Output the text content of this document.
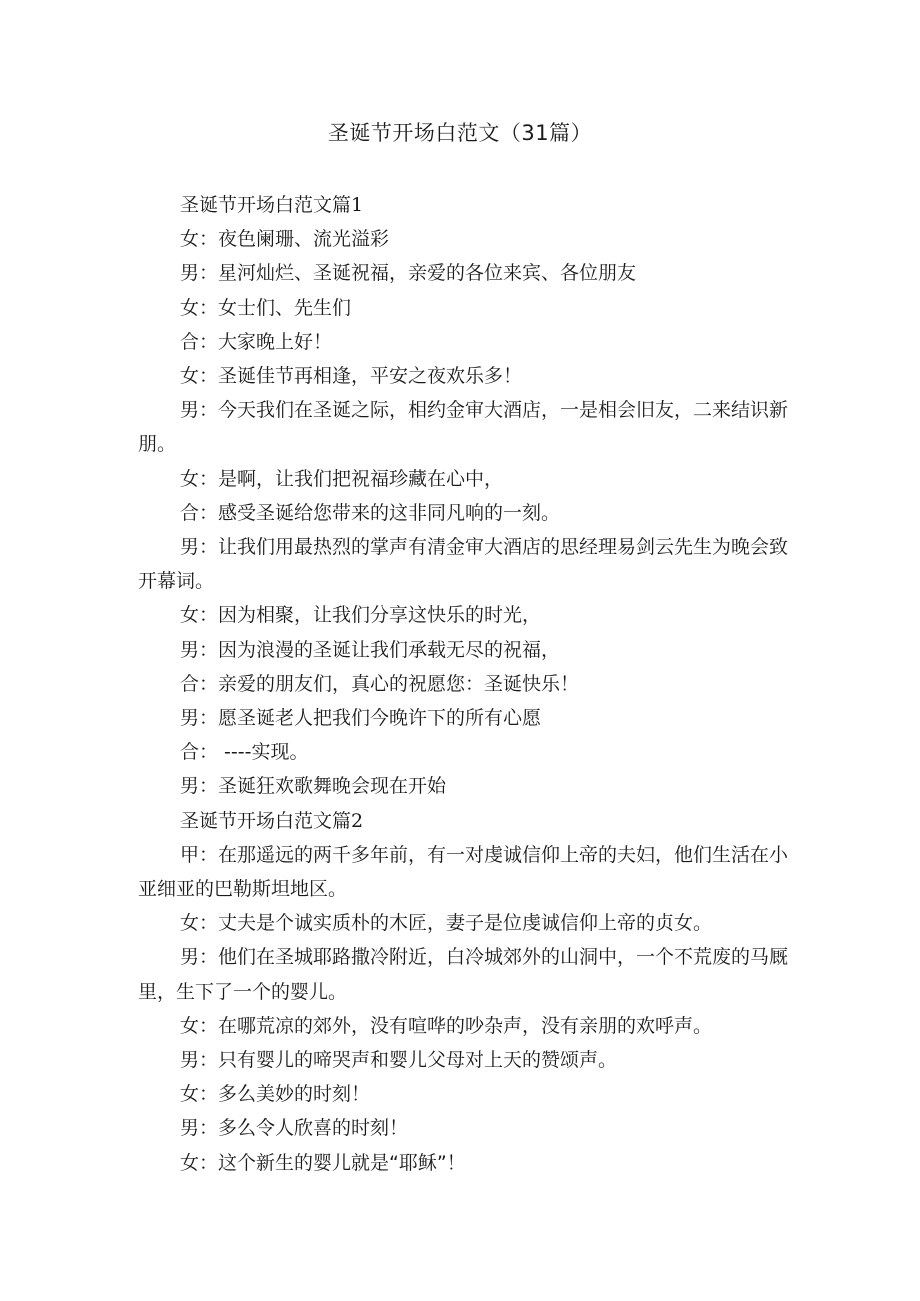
圣诞节开场白范文（31篇）

圣诞节开场白范文篇1

女：夜色阑珊、流光溢彩

男：星河灿烂、圣诞祝福，亲爱的各位来宾、各位朋友

女：女士们、先生们

合：大家晚上好！

女：圣诞佳节再相逢，平安之夜欢乐多！

男：今天我们在圣诞之际，相约金审大酒店，一是相会旧友，二来结识新朋。

女：是啊，让我们把祝福珍藏在心中，

合：感受圣诞给您带来的这非同凡响的一刻。

男：让我们用最热烈的掌声有清金审大酒店的思经理易剑云先生为晚会致开幕词。

女：因为相聚，让我们分享这快乐的时光，

男：因为浪漫的圣诞让我们承载无尽的祝福，

合：亲爱的朋友们，真心的祝愿您：圣诞快乐！

男：愿圣诞老人把我们今晚许下的所有心愿

合： ----实现。

男：圣诞狂欢歌舞晚会现在开始

圣诞节开场白范文篇2

甲：在那遥远的两千多年前，有一对虔诚信仰上帝的夫妇，他们生活在小亚细亚的巴勒斯坦地区。

女：丈夫是个诚实质朴的木匠，妻子是位虔诚信仰上帝的贞女。

男：他们在圣城耶路撒冷附近，白冷城郊外的山洞中，一个不荒废的马厩里，生下了一个的婴儿。

女：在哪荒凉的郊外，没有喧哗的吵杂声，没有亲朋的欢呼声。

男：只有婴儿的啼哭声和婴儿父母对上天的赞颂声。

女：多么美妙的时刻！

男：多么令人欣喜的时刻！

女：这个新生的婴儿就是“耶稣”！
